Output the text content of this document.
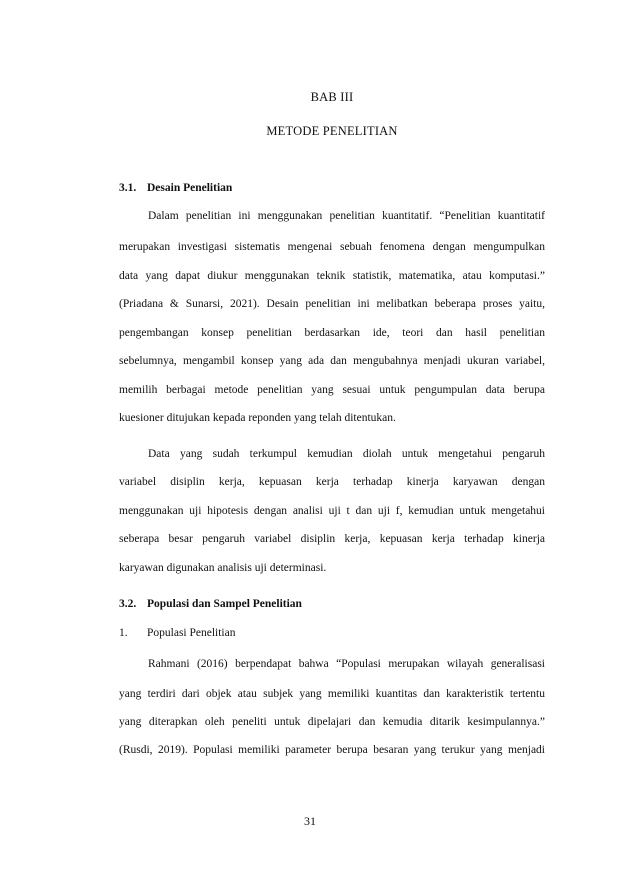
BAB III
METODE PENELITIAN
3.1. Desain Penelitian
Dalam penelitian ini menggunakan penelitian kuantitatif. “Penelitian kuantitatif
merupakan investigasi sistematis mengenai sebuah fenomena dengan mengumpulkan
data yang dapat diukur menggunakan teknik statistik, matematika, atau komputasi.”
(Priadana & Sunarsi, 2021). Desain penelitian ini melibatkan beberapa proses yaitu,
pengembangan konsep penelitian berdasarkan ide, teori dan hasil penelitian
sebelumnya, mengambil konsep yang ada dan mengubahnya menjadi ukuran variabel,
memilih berbagai metode penelitian yang sesuai untuk pengumpulan data berupa
kuesioner ditujukan kepada reponden yang telah ditentukan.
Data yang sudah terkumpul kemudian diolah untuk mengetahui pengaruh
variabel disiplin kerja, kepuasan kerja terhadap kinerja karyawan dengan
menggunakan uji hipotesis dengan analisi uji t dan uji f, kemudian untuk mengetahui
seberapa besar pengaruh variabel disiplin kerja, kepuasan kerja terhadap kinerja
karyawan digunakan analisis uji determinasi.
3.2. Populasi dan Sampel Penelitian
1. Populasi Penelitian
Rahmani (2016) berpendapat bahwa “Populasi merupakan wilayah generalisasi
yang terdiri dari objek atau subjek yang memiliki kuantitas dan karakteristik tertentu
yang diterapkan oleh peneliti untuk dipelajari dan kemudia ditarik kesimpulannya.”
(Rusdi, 2019). Populasi memiliki parameter berupa besaran yang terukur yang menjadi
31
